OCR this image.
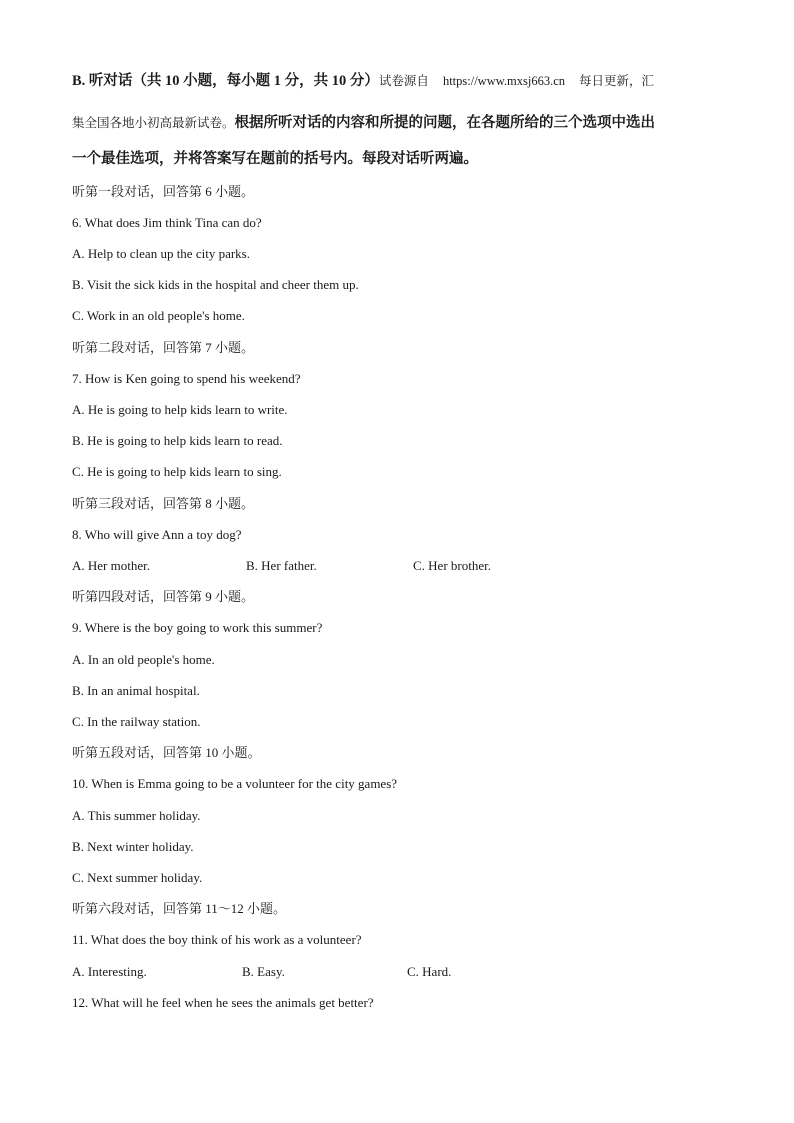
B. 听对话（共 10 小题，每小题 1 分，共 10 分）试卷源自 https://www.mxsj663.cn 每日更新，汇
集全国各地小初高最新试卷。根据所听对话的内容和所提的问题，在各题所给的三个选项中选出
一个最佳选项，并将答案写在题前的括号内。每段对话听两遍。
听第一段对话，回答第 6 小题。
6. What does Jim think Tina can do?
A. Help to clean up the city parks.
B. Visit the sick kids in the hospital and cheer them up.
C. Work in an old people's home.
听第二段对话，回答第 7 小题。
7. How is Ken going to spend his weekend?
A. He is going to help kids learn to write.
B. He is going to help kids learn to read.
C. He is going to help kids learn to sing.
听第三段对话，回答第 8 小题。
8. Who will give Ann a toy dog?
A. Her mother.	B. Her father.	C. Her brother.
听第四段对话，回答第 9 小题。
9. Where is the boy going to work this summer?
A. In an old people's home.
B. In an animal hospital.
C. In the railway station.
听第五段对话，回答第 10 小题。
10. When is Emma going to be a volunteer for the city games?
A. This summer holiday.
B. Next winter holiday.
C. Next summer holiday.
听第六段对话，回答第 11～12 小题。
11. What does the boy think of his work as a volunteer?
A. Interesting.	B. Easy.	C. Hard.
12. What will he feel when he sees the animals get better?
